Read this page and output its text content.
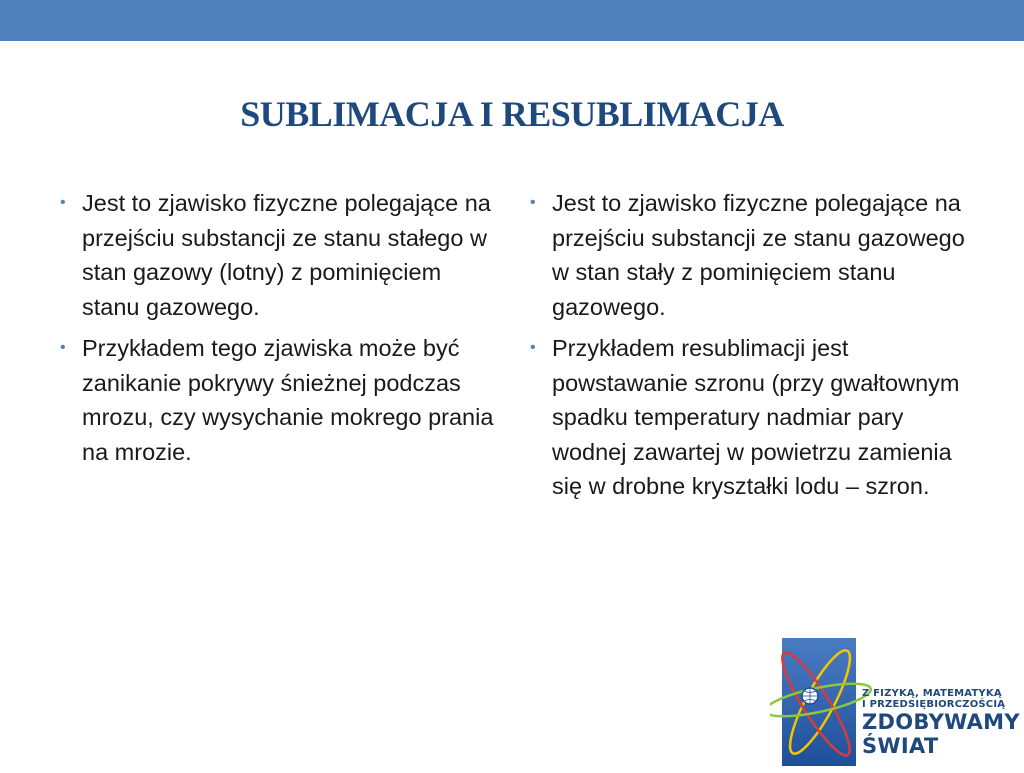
SUBLIMACJA I RESUBLIMACJA
• Jest to zjawisko fizyczne polegające na przejściu substancji ze stanu stałego w stan gazowy (lotny) z pominięciem stanu gazowego.
• Przykładem tego zjawiska może być zanikanie pokrywy śnieżnej podczas mrozu, czy wysychanie mokrego prania na mrozie.
• Jest to zjawisko fizyczne polegające na przejściu substancji ze stanu gazowego w stan stały z pominięciem stanu gazowego.
• Przykładem resublimacji jest powstawanie szronu (przy gwałtownym spadku temperatury nadmiar pary wodnej zawartej w powietrzu zamienia się w drobne kryształki lodu – szron.
Z FIZYKĄ, MATEMATYKĄ
I PRZEDSIĘBIORCZOŚCIĄ
ZDOBYWAMY
ŚWIAT
